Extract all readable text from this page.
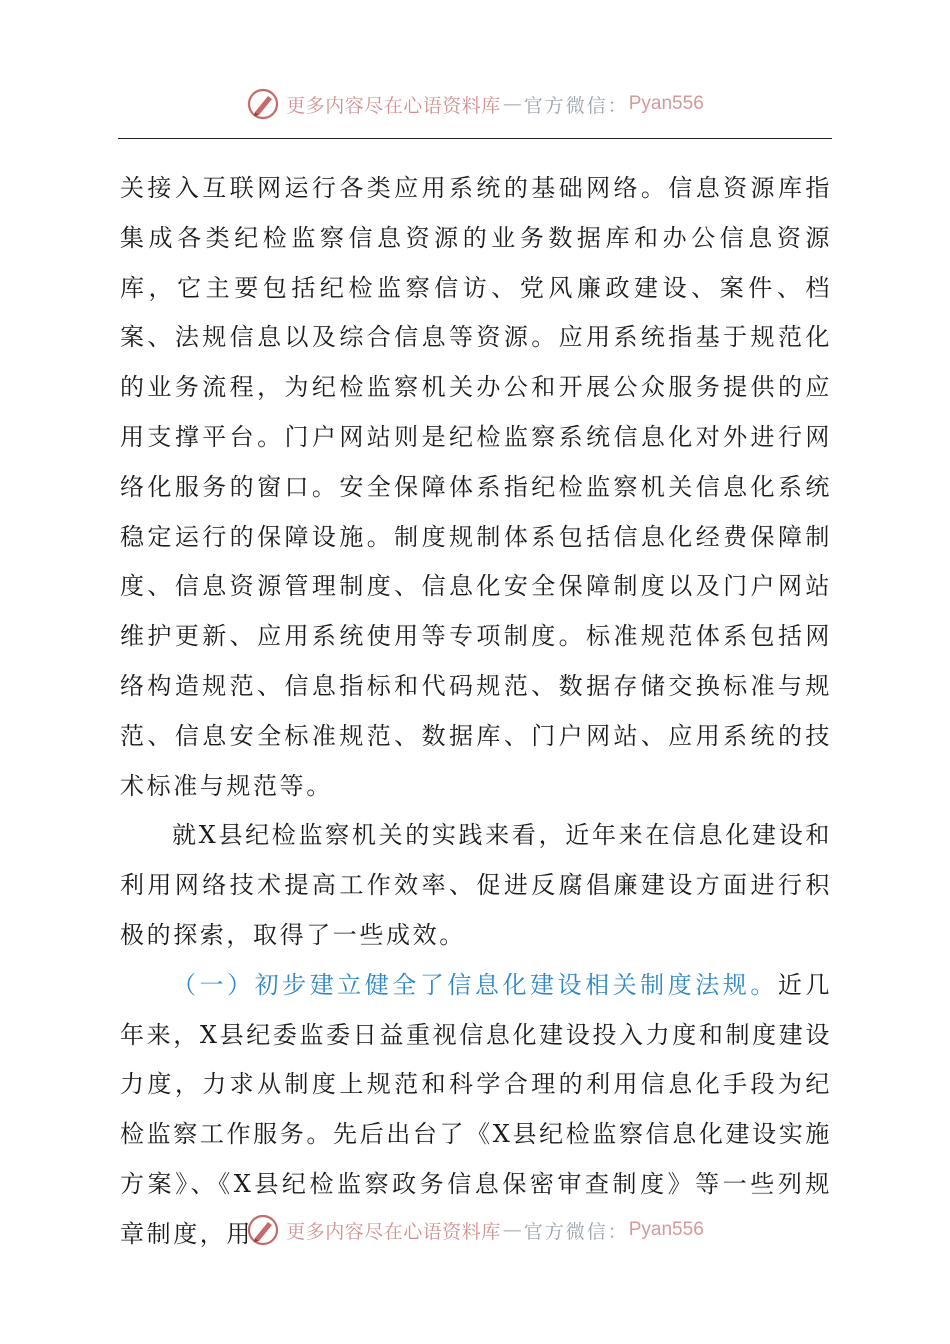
更多内容尽在心语资料库 — 官方微信： Pyan556

关接入互联网运行各类应用系统的基础网络。信息资源库指集成各类纪检监察信息资源的业务数据库和办公信息资源库，它主要包括纪检监察信访、党风廉政建设、案件、档案、法规信息以及综合信息等资源。应用系统指基于规范化的业务流程，为纪检监察机关办公和开展公众服务提供的应用支撑平台。门户网站则是纪检监察系统信息化对外进行网络化服务的窗口。安全保障体系指纪检监察机关信息化系统稳定运行的保障设施。制度规制体系包括信息化经费保障制度、信息资源管理制度、信息化安全保障制度以及门户网站维护更新、应用系统使用等专项制度。标准规范体系包括网络构造规范、信息指标和代码规范、数据存储交换标准与规范、信息安全标准规范、数据库、门户网站、应用系统的技术标准与规范等。

就X县纪检监察机关的实践来看，近年来在信息化建设和利用网络技术提高工作效率、促进反腐倡廉建设方面进行积极的探索，取得了一些成效。

（一）初步建立健全了信息化建设相关制度法规。近几年来，X县纪委监委日益重视信息化建设投入力度和制度建设力度，力求从制度上规范和科学合理的利用信息化手段为纪检监察工作服务。先后出台了《X县纪检监察信息化建设实施方案》、《X县纪检监察政务信息保密审查制度》等一些列规章制度，用	更多内容尽在心语资料库 — 官方微信： Pyan556
